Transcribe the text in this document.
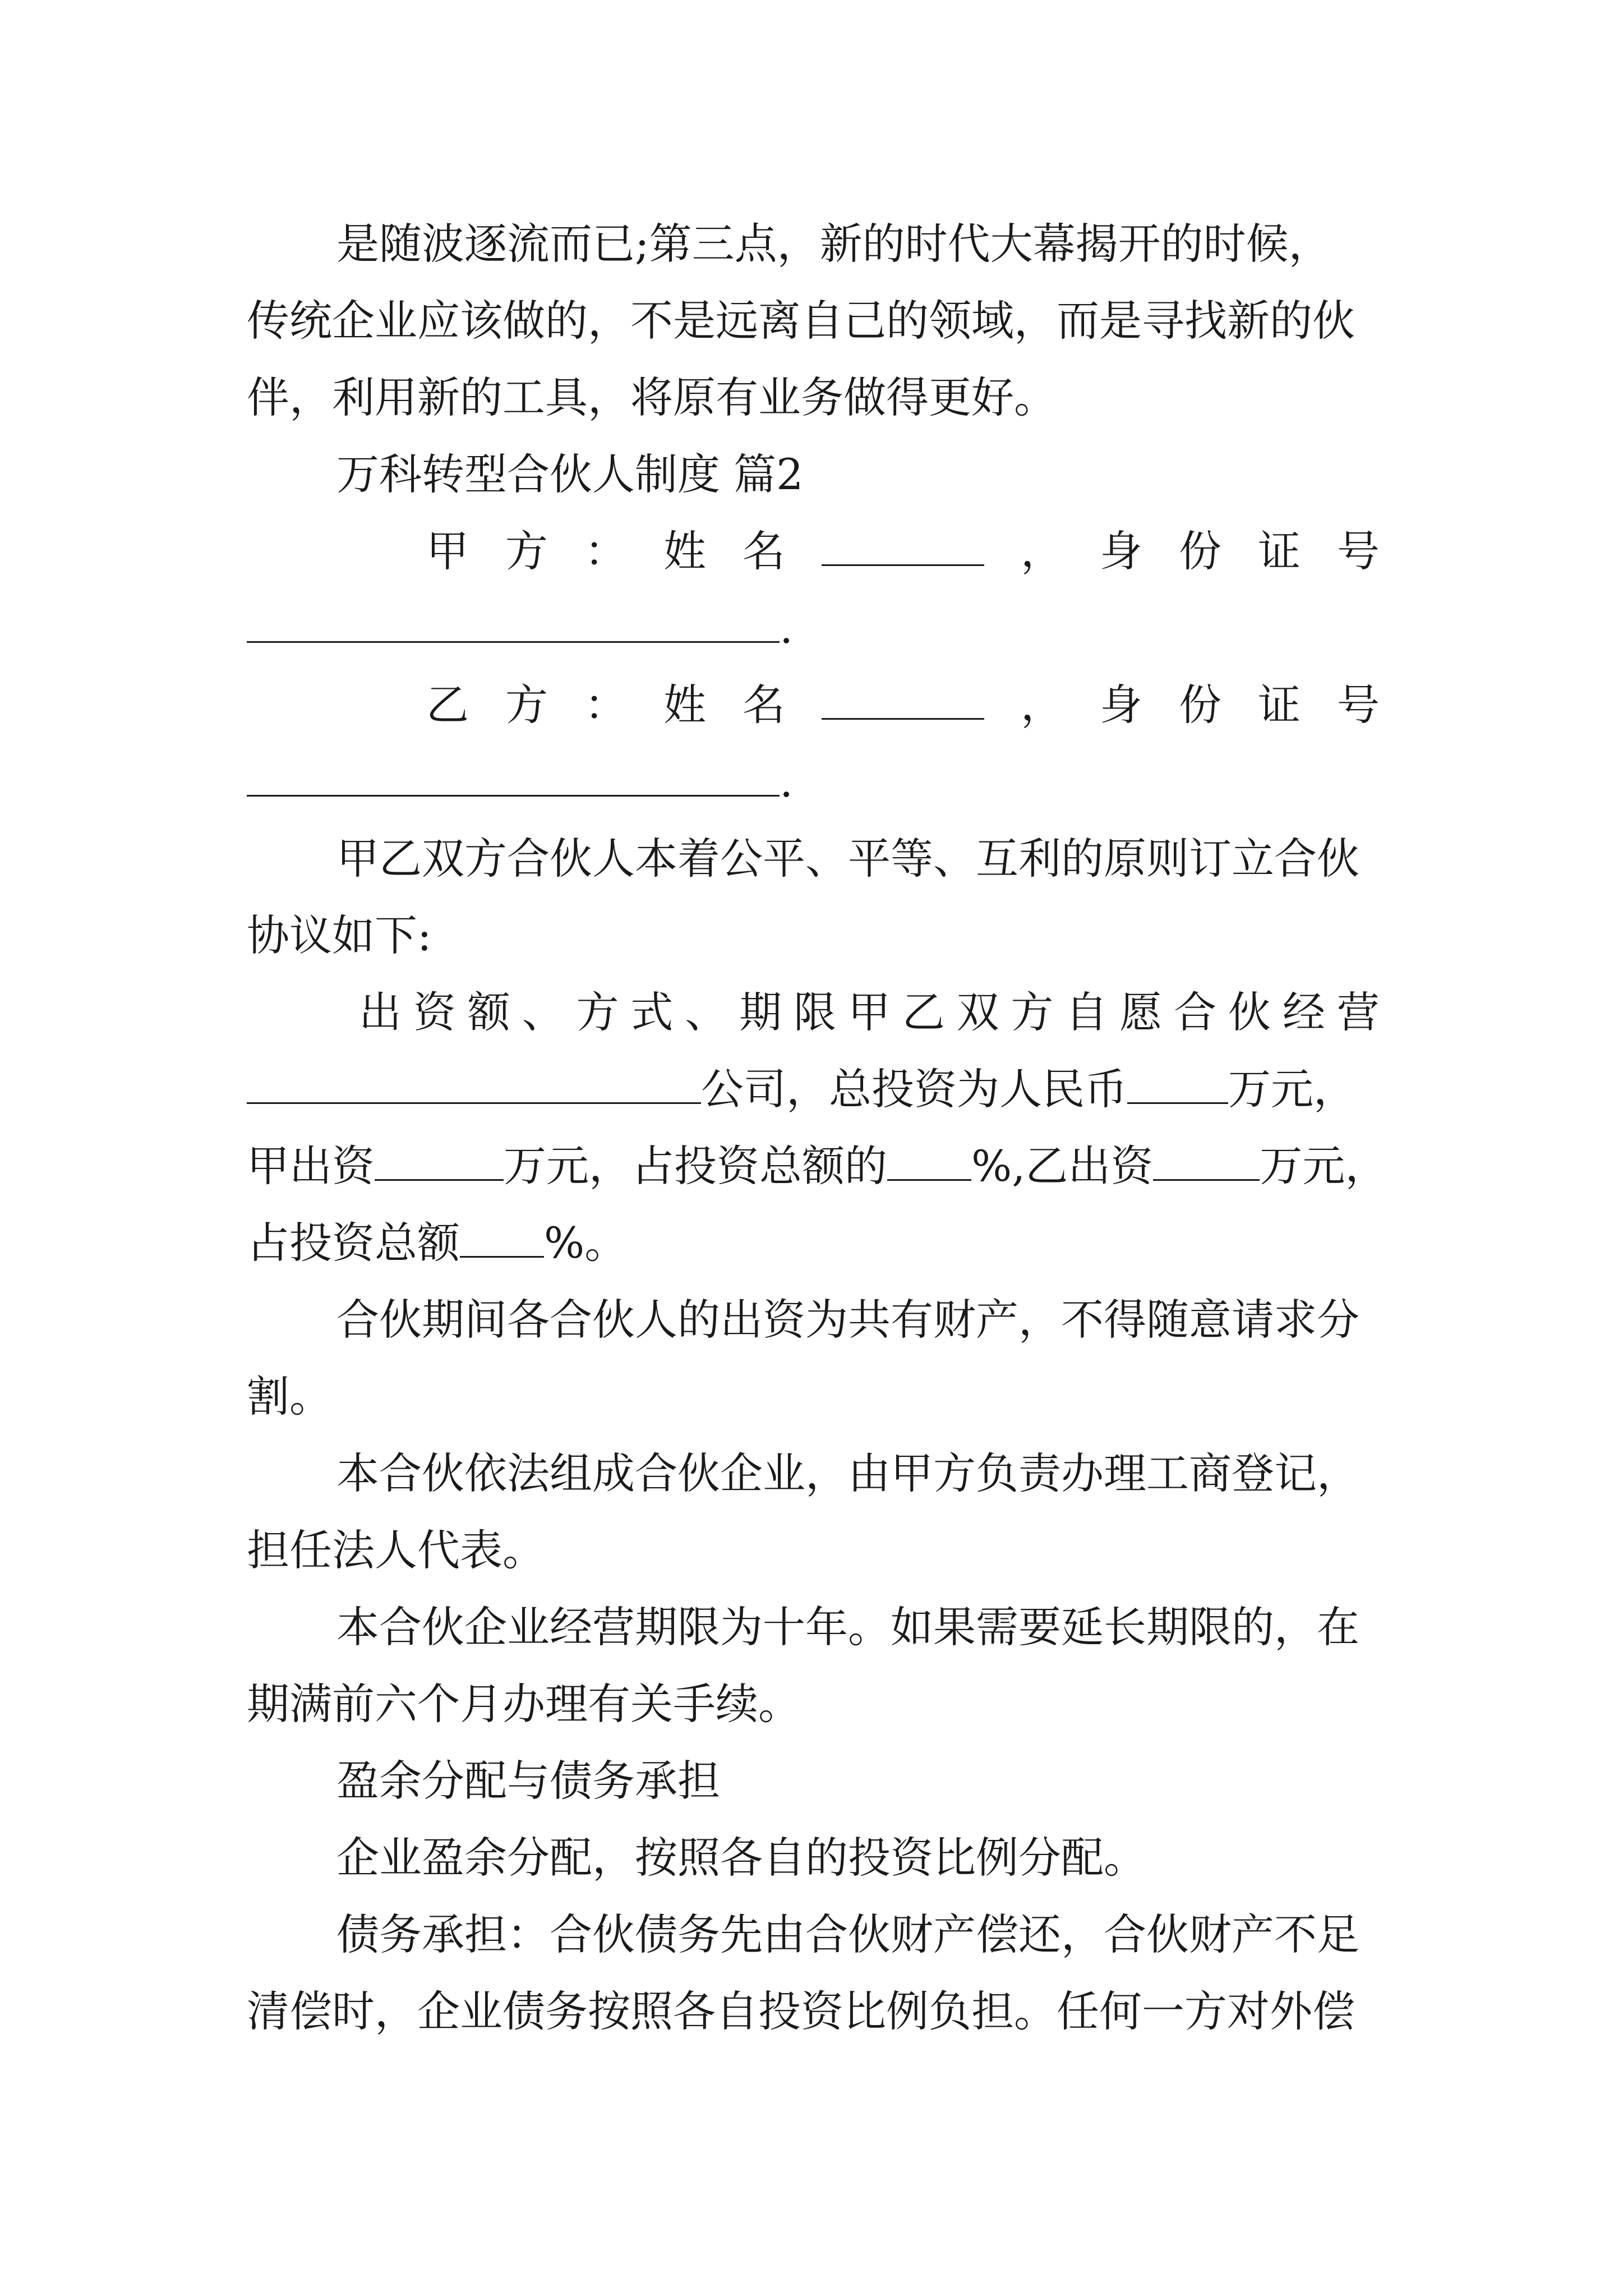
是随波逐流而已;第三点，新的时代大幕揭开的时候，
传统企业应该做的，不是远离自己的领域，而是寻找新的伙
伴，利用新的工具，将原有业务做得更好。
万科转型合伙人制度 篇2
甲 方 ： 姓 名	， 身 份 证 号
.
乙 方 ： 姓 名	， 身 份 证 号
.
甲乙双方合伙人本着公平、平等、互利的原则订立合伙
协议如下:
出 资 额 、 方 式 、 期 限 甲 乙 双 方 自 愿 合 伙 经 营
公司，总投资为人民币 万元，
甲出资	万元，占投资总额的 %,乙出资	万元，
占投资总额 %。
合伙期间各合伙人的出资为共有财产，不得随意请求分
割。
本合伙依法组成合伙企业，由甲方负责办理工商登记，
担任法人代表。
本合伙企业经营期限为十年。如果需要延长期限的，在
期满前六个月办理有关手续。
盈余分配与债务承担
企业盈余分配，按照各自的投资比例分配。
债务承担：合伙债务先由合伙财产偿还，合伙财产不足
清偿时，企业债务按照各自投资比例负担。任何一方对外偿
